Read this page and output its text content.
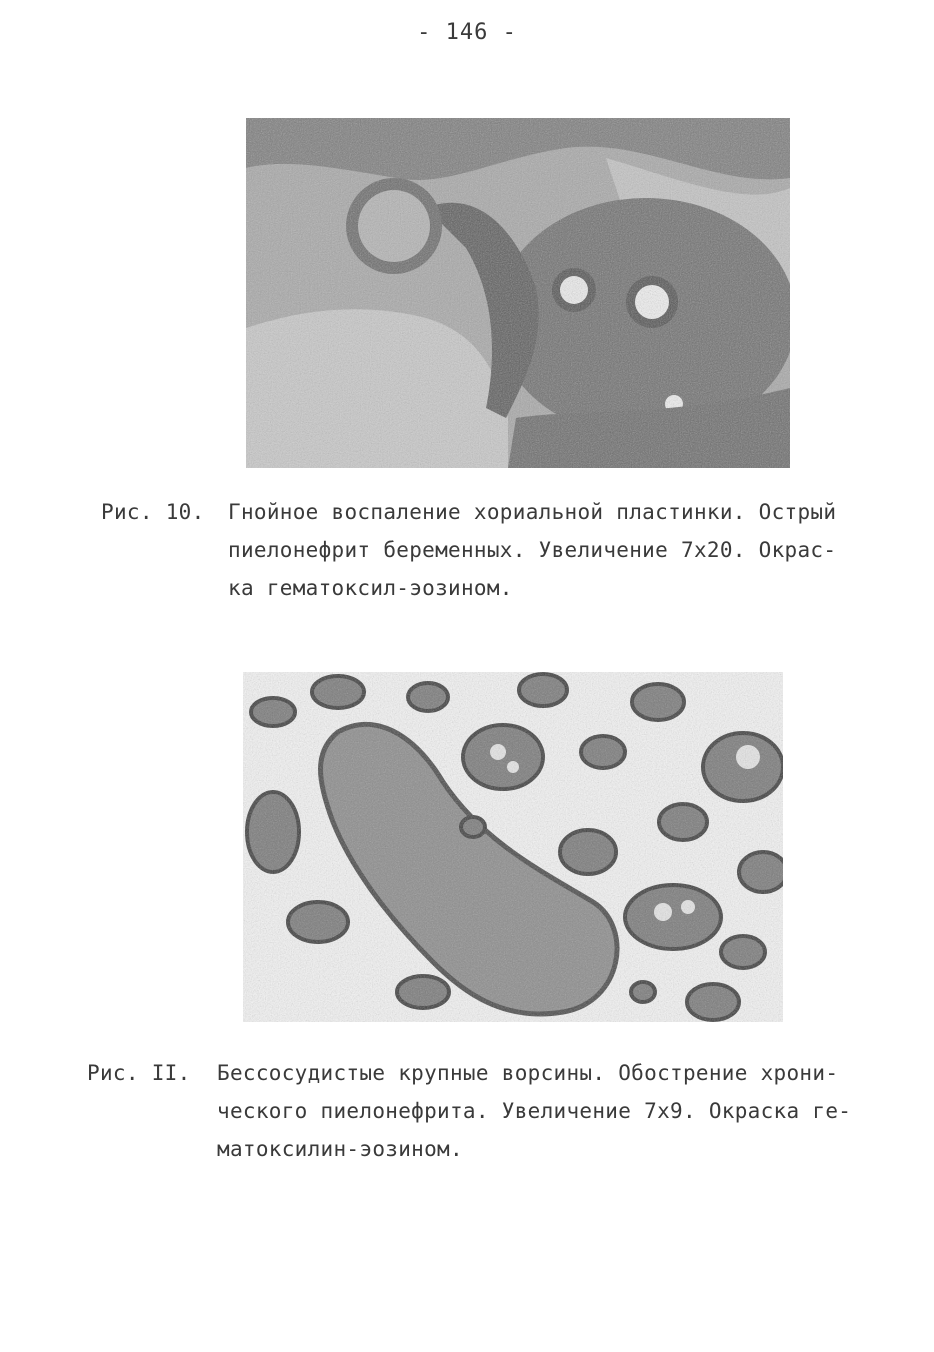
- 146 -
Рис. 10. Гнойное воспаление хориальной пластинки. Острый
пиелонефрит беременных. Увеличение 7х20. Окрас-
ка гематоксил-эозином.
Рис. II. Бессосудистые крупные ворсины. Обострение хрони-
ческого пиелонефрита. Увеличение 7х9. Окраска ге-
матоксилин-эозином.
